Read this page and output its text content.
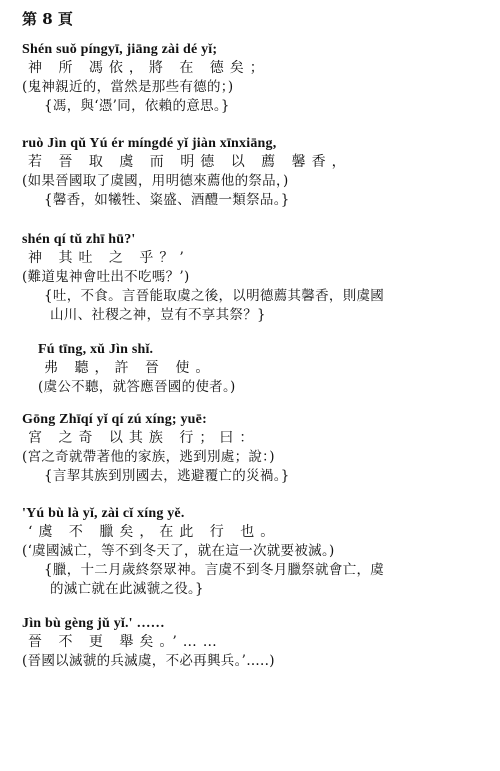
第 8 頁
Shén suǒ píngyī, jiāng zài dé yǐ;
神 所 馮依，將 在 德矣；
(鬼神親近的，當然是那些有德的；)
{馮，與‘憑’同，依賴的意思。}
ruò Jìn qǔ Yú ér míngdé yǐ jiàn xīnxiāng,
若 晉 取 虞 而 明德 以 薦 馨香，
(如果晉國取了虞國，用明德來薦他的祭品，)
{馨香，如犧牲、粢盛、酒醴一類祭品。}
shén qí tǔ zhī hū?'
神 其吐 之 乎？’
(難道鬼神會吐出不吃嗎？’)
{吐，不食。言晉能取虞之後，以明德薦其馨香，則虞國
山川、社稷之神，豈有不享其祭？}
Fú tīng, xǔ Jìn shǐ.
弗 聽，許 晉 使。
(虞公不聽，就答應晉國的使者。)
Gōng Zhīqí yǐ qí zú xíng; yuē:
宮 之奇 以其族 行；曰：
(宮之奇就帶著他的家族，逃到別處；說：)
{言挈其族到別國去，逃避覆亡的災禍。}
'Yú bù là yǐ, zài cǐ xíng yě.
‘虞 不 臘矣，在此 行 也。
(‘虞國滅亡，等不到冬天了，就在這一次就要被滅。)
{臘，十二月歲終祭眾神。言虞不到冬月臘祭就會亡，虞
的滅亡就在此滅虢之役。}
Jìn bù gèng jǔ yǐ.' ……
晉 不 更 舉矣。’……
(晉國以滅虢的兵滅虞，不必再興兵。’…..)
